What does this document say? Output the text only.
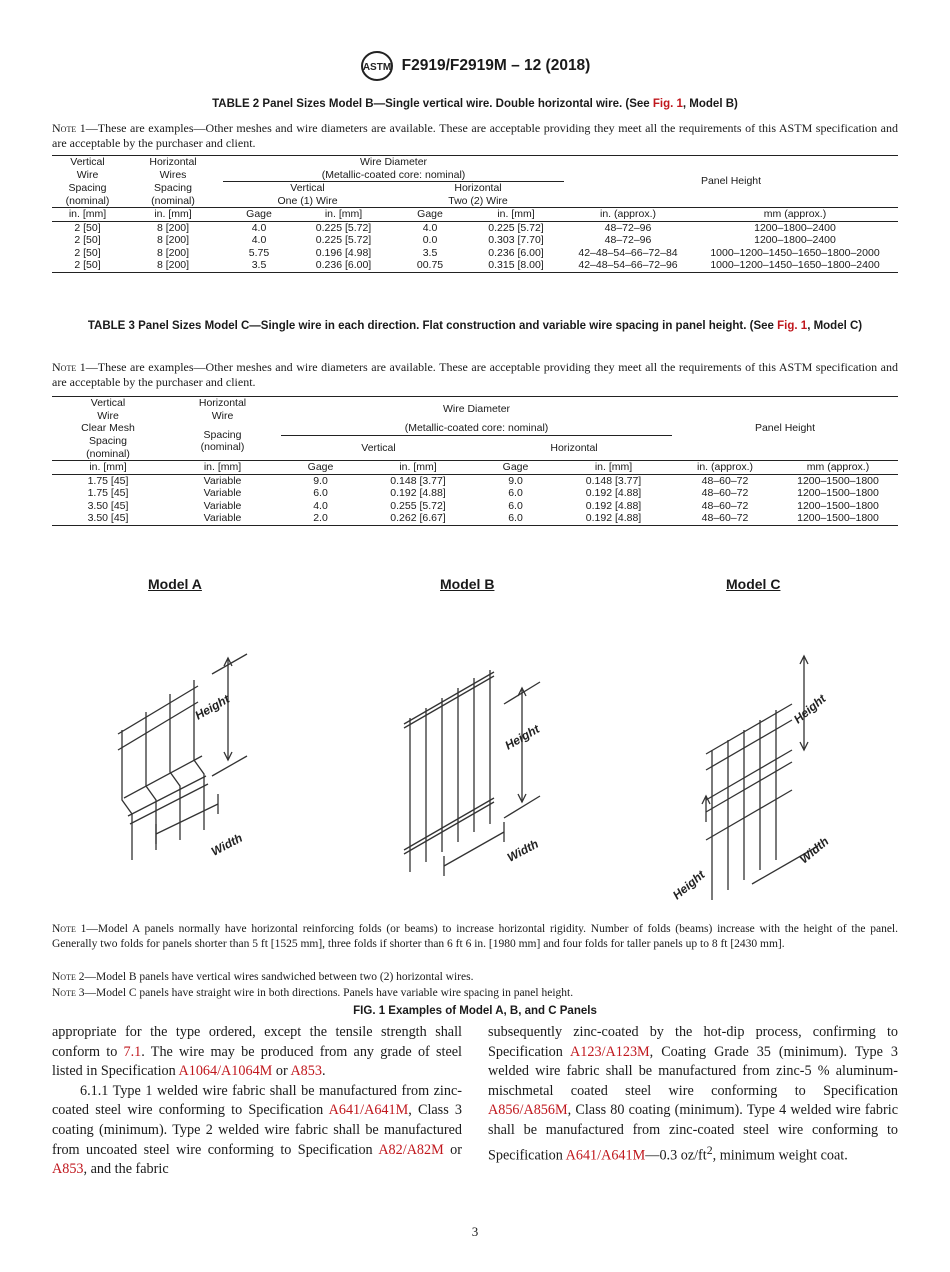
ASTM F2919/F2919M – 12 (2018)
TABLE 2 Panel Sizes Model B—Single vertical wire. Double horizontal wire. (See Fig. 1, Model B)
Note 1—These are examples—Other meshes and wire diameters are available. These are acceptable providing they meet all the requirements of this ASTM specification and are acceptable by the purchaser and client.
Vertical	Horizontal	Wire Diameter				Panel Height	
Wire	Wires	(Metallic-coated core: nominal)					
Spacing	Spacing	Vertical		Horizontal			
(nominal)	(nominal)	One (1) Wire		Two (2) Wire			
in. [mm]	in. [mm]	Gage	in. [mm]	Gage	in. [mm]	in. (approx.)	mm (approx.)
2 [50]	8 [200]	4.0	0.225 [5.72]	4.0	0.225 [5.72]	48–72–96	1200–1800–2400
2 [50]	8 [200]	4.0	0.225 [5.72]	0.0	0.303 [7.70]	48–72–96	1200–1800–2400
2 [50]	8 [200]	5.75	0.196 [4.98]	3.5	0.236 [6.00]	42–48–54–66–72–84	1000–1200–1450–1650–1800–2000
2 [50]	8 [200]	3.5	0.236 [6.00]	00.75	0.315 [8.00]	42–48–54–66–72–96	1000–1200–1450–1650–1800–2400
TABLE 3 Panel Sizes Model C—Single wire in each direction. Flat construction and variable wire spacing in panel height. (See Fig. 1, Model C)
Note 1—These are examples—Other meshes and wire diameters are available. These are acceptable providing they meet all the requirements of this ASTM specification and are acceptable by the purchaser and client.
Vertical	Horizontal
Wire	Wire Diameter				Panel Height	
Wire							
Clear Mesh	Spacing
(nominal)	(Metallic-coated core: nominal)					
Spacing		Vertical		Horizontal			
(nominal)							
in. [mm]	in. [mm]	Gage	in. [mm]	Gage	in. [mm]	in. (approx.)	mm (approx.)
1.75 [45]	Variable	9.0	0.148 [3.77]	9.0	0.148 [3.77]	48–60–72	1200–1500–1800
1.75 [45]	Variable	6.0	0.192 [4.88]	6.0	0.192 [4.88]	48–60–72	1200–1500–1800
3.50 [45]	Variable	4.0	0.255 [5.72]	6.0	0.192 [4.88]	48–60–72	1200–1500–1800
3.50 [45]	Variable	2.0	0.262 [6.67]	6.0	0.192 [4.88]	48–60–72	1200–1500–1800
Model A	Model B	Model C
Height
Width
Height
Width
Height
Height
Width
Note 1—Model A panels normally have horizontal reinforcing folds (or beams) to increase horizontal rigidity. Number of folds (beams) increase with the height of the panel. Generally two folds for panels shorter than 5 ft [1525 mm], three folds if shorter than 6 ft 6 in. [1980 mm] and four folds for taller panels up to 8 ft [2430 mm].
Note 2—Model B panels have vertical wires sandwiched between two (2) horizontal wires.
Note 3—Model C panels have straight wire in both directions. Panels have variable wire spacing in panel height.
FIG. 1 Examples of Model A, B, and C Panels

appropriate for the type ordered, except the tensile strength shall conform to 7.1. The wire may be produced from any grade of steel listed in Specification A1064/A1064M or A853.

6.1.1 Type 1 welded wire fabric shall be manufactured from zinc-coated steel wire conforming to Specification A641/A641M, Class 3 coating (minimum). Type 2 welded wire fabric shall be manufactured from uncoated steel wire conforming to Specification A82/A82M or A853, and the fabric

subsequently zinc-coated by the hot-dip process, confirming to Specification A123/A123M, Coating Grade 35 (minimum). Type 3 welded wire fabric shall be manufactured from zinc-5 % aluminum-mischmetal coated steel wire conforming to Specification A856/A856M, Class 80 coating (minimum). Type 4 welded wire fabric shall be manufactured from zinc-coated steel wire conforming to Specification A641/A641M—0.3 $oz/ft^2$, minimum weight coat.

3
